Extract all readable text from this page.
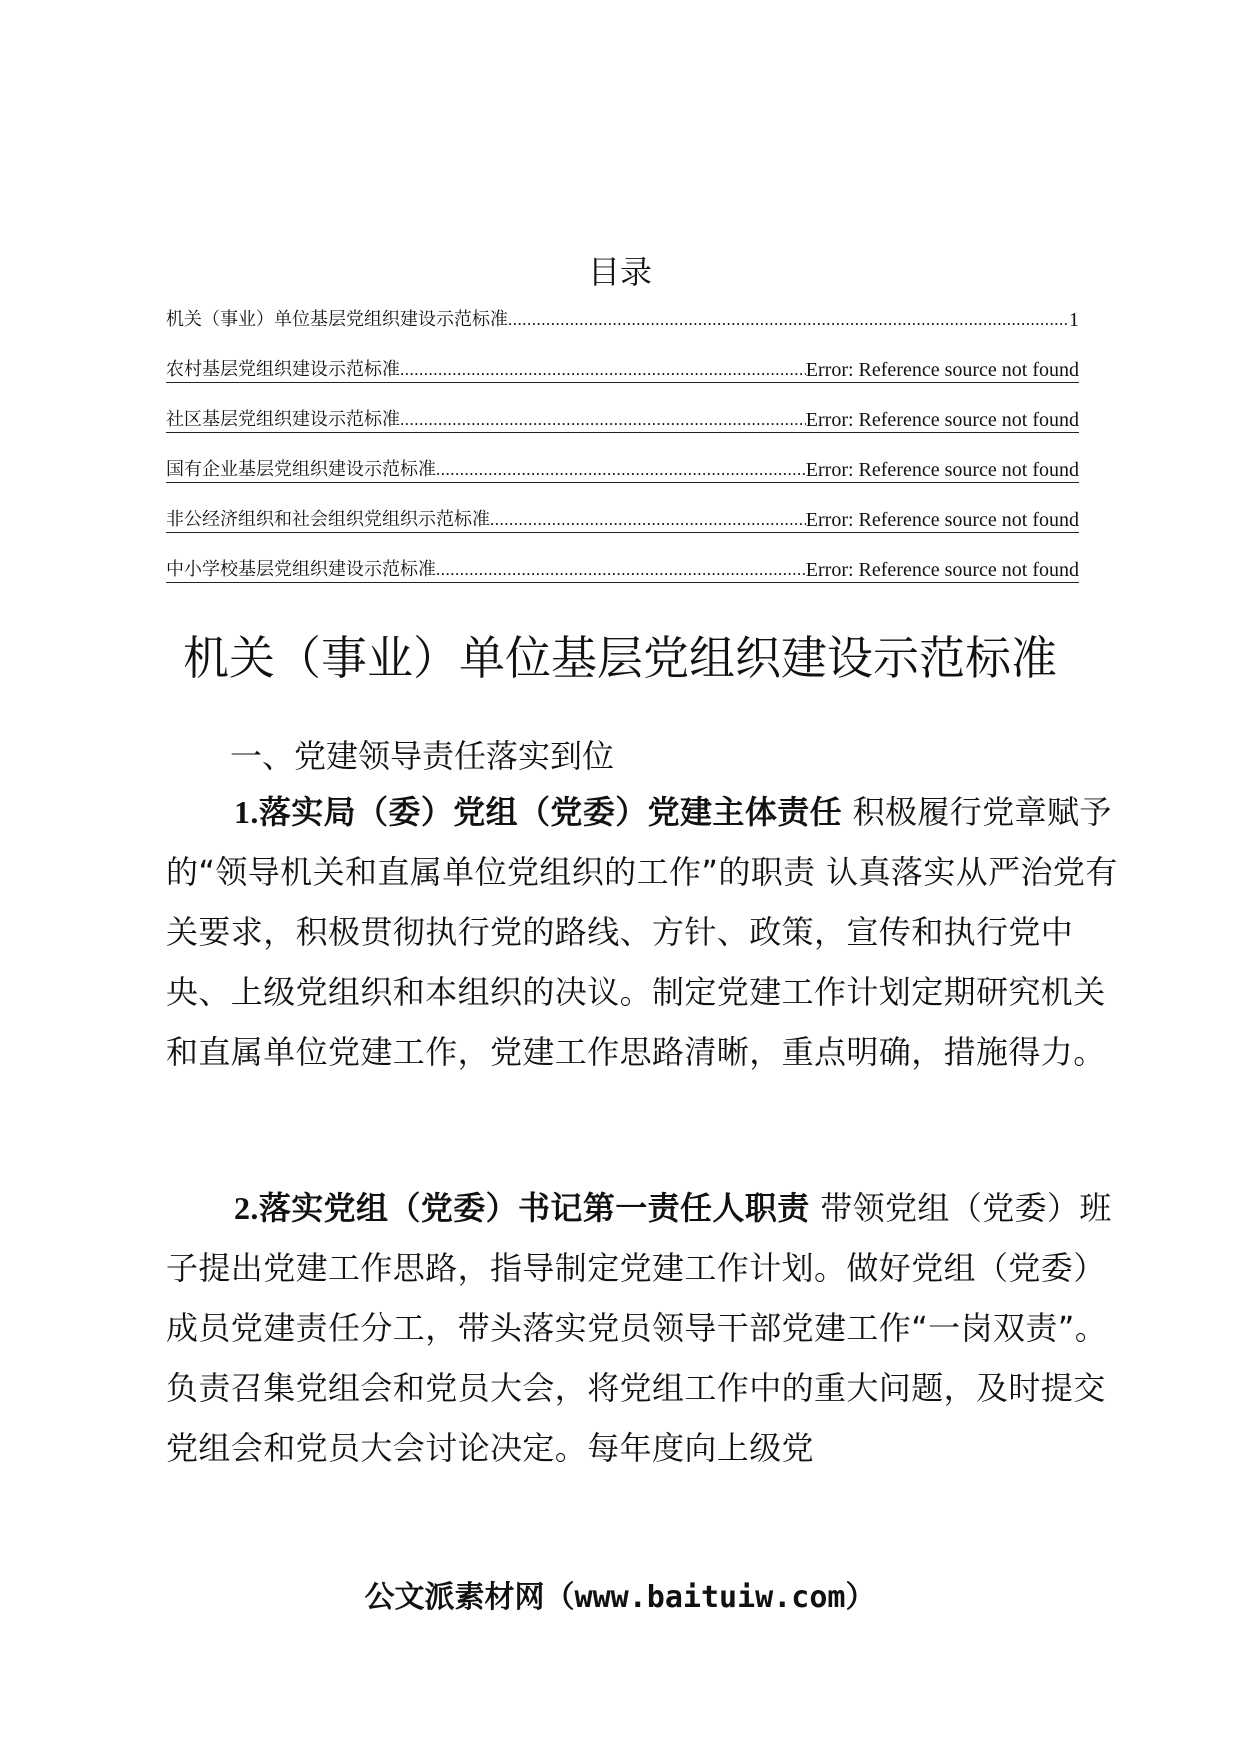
目录
机关（事业）单位基层党组织建设示范标准 .....	1
农村基层党组织建设示范标准 .....	Error: Reference source not found
社区基层党组织建设示范标准 .....	Error: Reference source not found
国有企业基层党组织建设示范标准 .....	Error: Reference source not found
非公经济组织和社会组织党组织示范标准 .....	Error: Reference source not found
中小学校基层党组织建设示范标准 .....	Error: Reference source not found
机关（事业）单位基层党组织建设示范标准
一、党建领导责任落实到位

1.落实局（委）党组（党委）党建主体责任 积极履行党章赋予的“领导机关和直属单位党组织的工作”的职责 认真落实从严治党有关要求，积极贯彻执行党的路线、方针、政策，宣传和执行党中央、上级党组织和本组织的决议。制定党建工作计划定期研究机关和直属单位党建工作，党建工作思路清晰，重点明确，措施得力。

2.落实党组（党委）书记第一责任人职责 带领党组（党委）班子提出党建工作思路，指导制定党建工作计划。做好党组（党委）成员党建责任分工，带头落实党员领导干部党建工作“一岗双责”。负责召集党组会和党员大会，将党组工作中的重大问题，及时提交党组会和党员大会讨论决定。每年度向上级党

公文派素材网（www.baituiw.com）
